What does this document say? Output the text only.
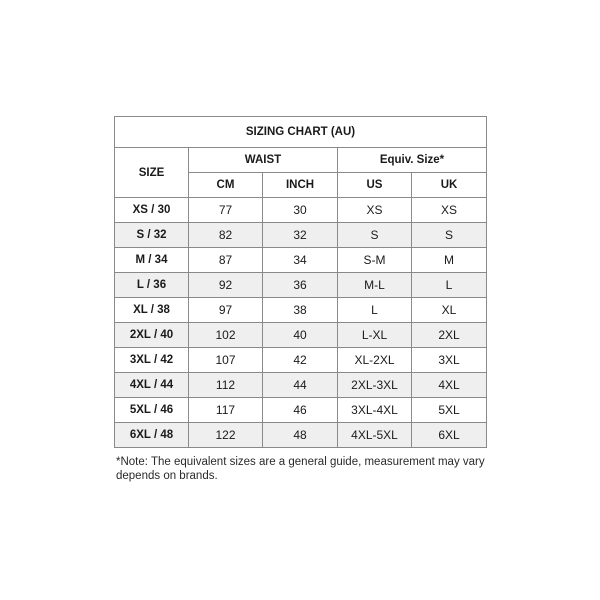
SIZING CHART (AU)				
SIZE	WAIST		Equiv. Size*	
	CM	INCH	US	UK
XS / 30	77	30	XS	XS
S / 32	82	32	S	S
M / 34	87	34	S-M	M
L / 36	92	36	M-L	L
XL / 38	97	38	L	XL
2XL / 40	102	40	L-XL	2XL
3XL / 42	107	42	XL-2XL	3XL
4XL / 44	112	44	2XL-3XL	4XL
5XL / 46	117	46	3XL-4XL	5XL
6XL / 48	122	48	4XL-5XL	6XL
*Note: The equivalent sizes are a general guide, measurement may vary depends on brands.
